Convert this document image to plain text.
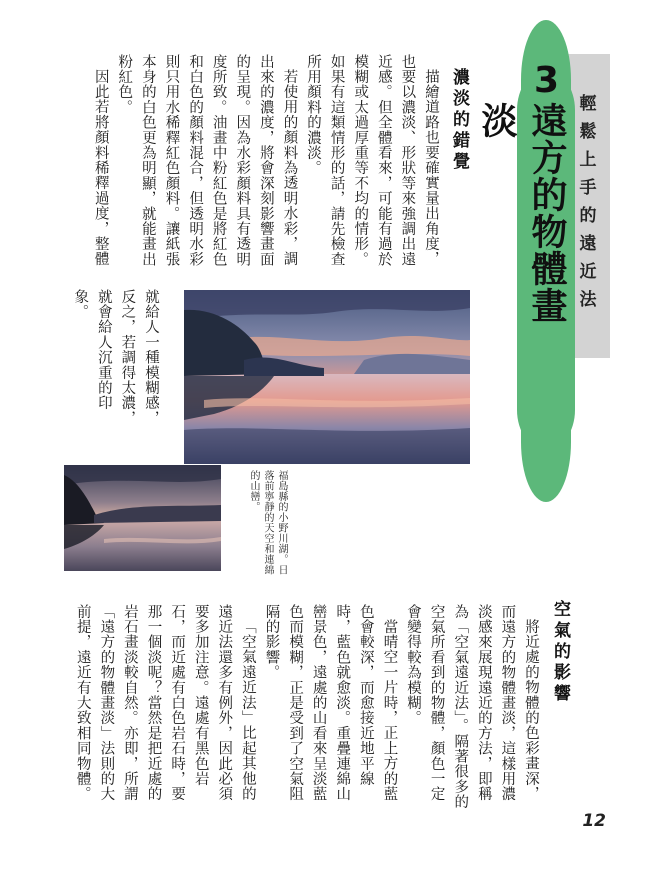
輕鬆上手的遠近法
3
遠方的物體畫淡
濃淡的錯覺

描繪道路也要確實量出角度，也要以濃淡、形狀等來強調出遠近感。但全體看來，可能有過於模糊或太過厚重等不均的情形。如果有這類情形的話，請先檢查所用顏料的濃淡。

若使用的顏料為透明水彩，調出來的濃度，將會深刻影響畫面的呈現。因為水彩顏料具有透明度所致。油畫中粉紅色是將紅色和白色的顏料混合，但透明水彩則只用水稀釋紅色顏料。讓紙張本身的白色更為明顯，就能畫出粉紅色。

因此若將顏料稀釋過度，整體

就給人一種模糊感，反之，若調得太濃，就會給人沉重的印象。
福島縣的小野川湖。日落前寧靜的天空和連綿的山巒。
空氣的影響

將近處的物體的色彩畫深，而遠方的物體畫淡，這樣用濃淡感來展現遠近的方法，即稱為「空氣遠近法」。隔著很多的空氣所看到的物體，顏色一定會變得較為模糊。

當晴空一片時，正上方的藍色會較深，而愈接近地平線時，藍色就愈淡。重疊連綿山巒景色，遠處的山看來呈淡藍色而模糊，正是受到了空氣阻隔的影響。

「空氣遠近法」比起其他的遠近法還多有例外，因此必須要多加注意。遠處有黑色岩石，而近處有白色岩石時，要那一個淡呢？當然是把近處的岩石畫淡較自然。亦即，所謂「遠方的物體畫淡」法則的大前提，遠近有大致相同物體。

12
